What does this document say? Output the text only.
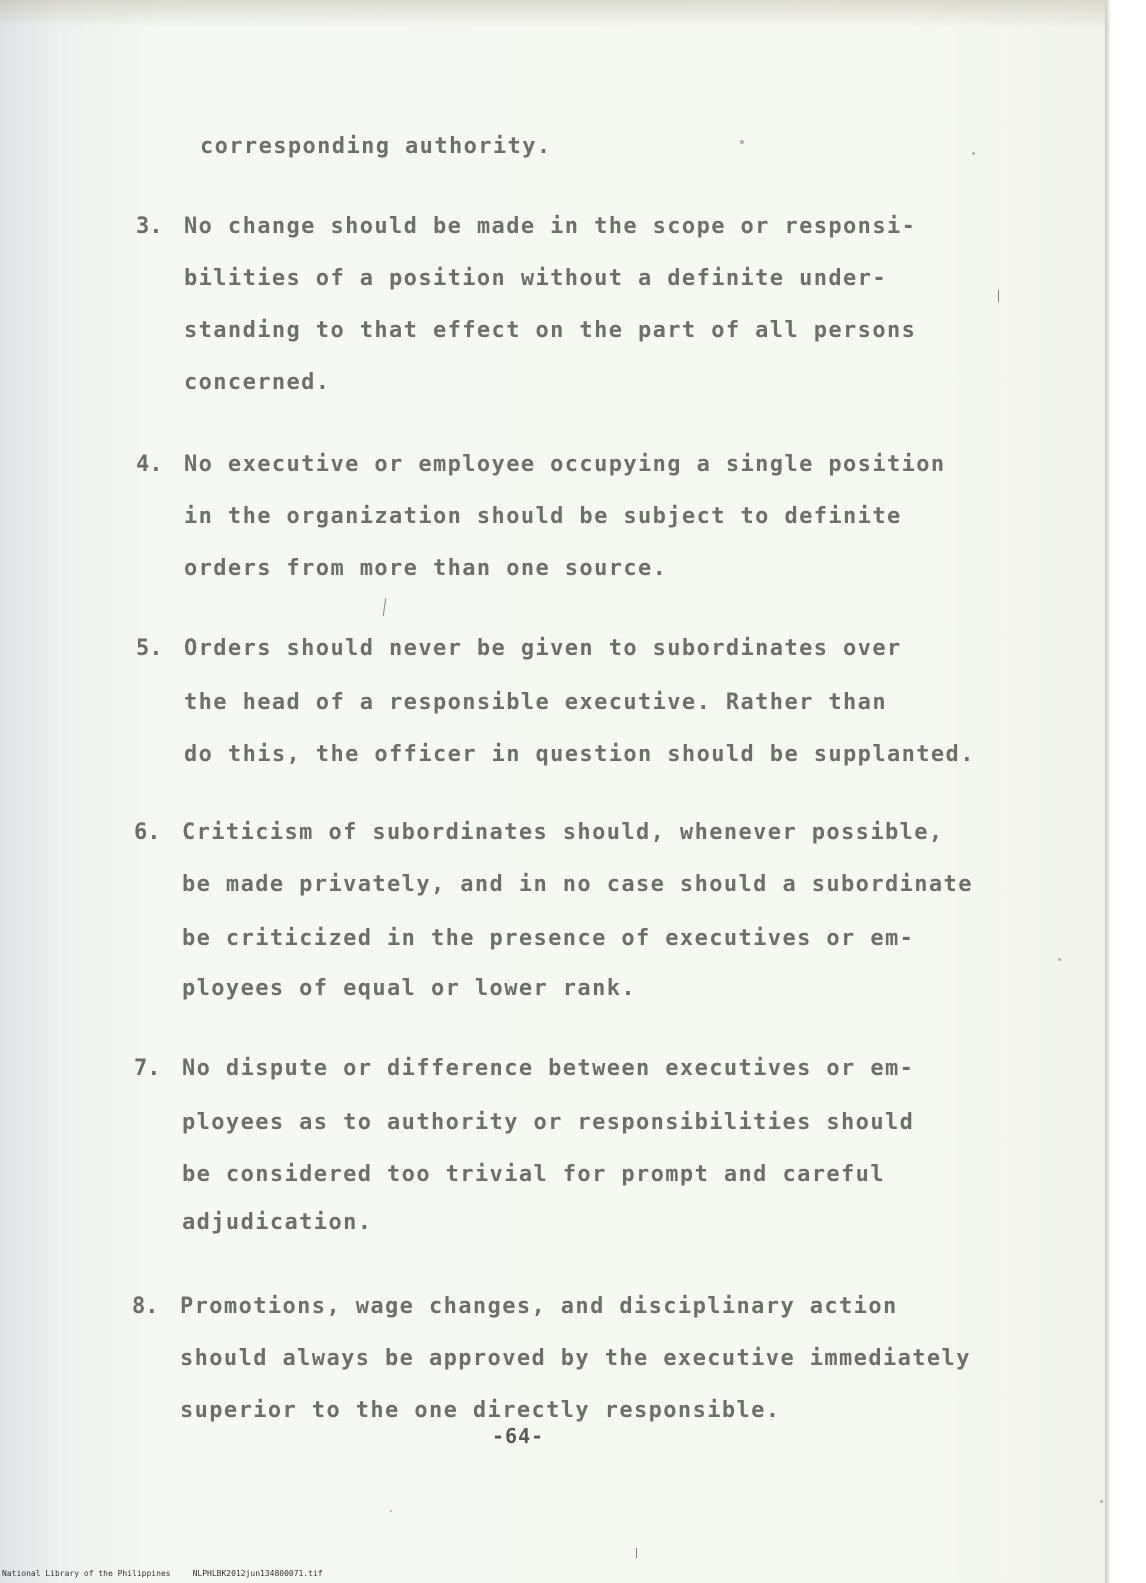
corresponding authority.
3. No change should be made in the scope or responsi-
bilities of a position without a definite under-
standing to that effect on the part of all persons
concerned.
4. No executive or employee occupying a single position
in the organization should be subject to definite
orders from more than one source.
5. Orders should never be given to subordinates over
the head of a responsible executive. Rather than
do this, the officer in question should be supplanted.
6. Criticism of subordinates should, whenever possible,
be made privately, and in no case should a subordinate
be criticized in the presence of executives or em-
ployees of equal or lower rank.
7. No dispute or difference between executives or em-
ployees as to authority or responsibilities should
be considered too trivial for prompt and careful
adjudication.
8. Promotions, wage changes, and disciplinary action
should always be approved by the executive immediately
superior to the one directly responsible.
-64-
National Library of the Philippines	NLPHLBK2012jun134800071.tif
